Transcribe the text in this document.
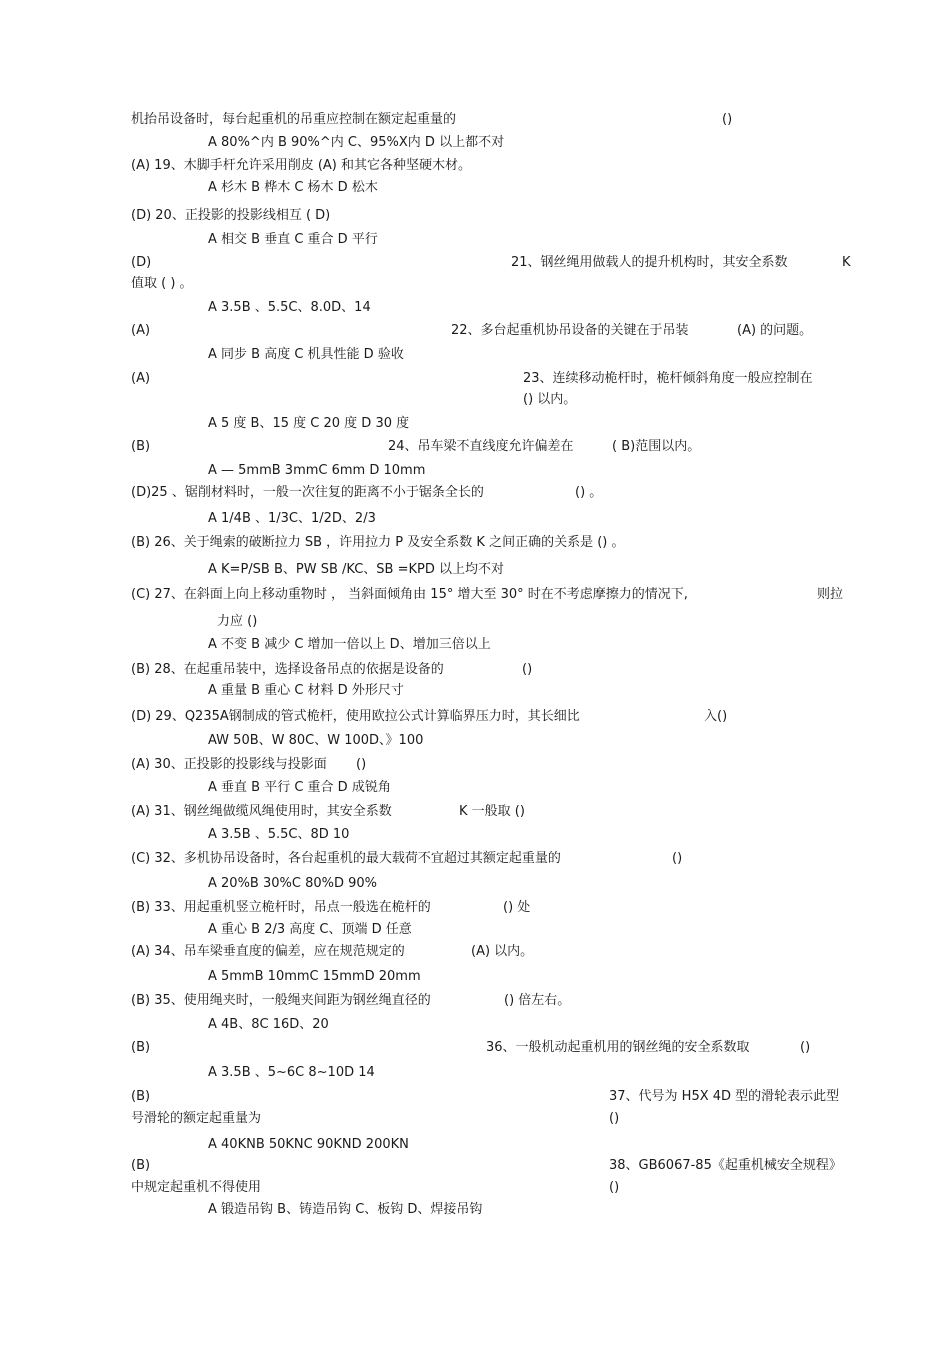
机抬吊设备时，每台起重机的吊重应控制在额定起重量的	()
A 80%^内 B 90%^内 C、95%X内 D 以上都不对
(A) 19、木脚手杆允许采用削皮 (A) 和其它各种坚硬木材。
A 杉木 B 桦木 C 杨木 D 松木
(D) 20、正投影的投影线相互 ( D)
A 相交 B 垂直 C 重合 D 平行
(D)	21、钢丝绳用做载人的提升机构时，其安全系数	K
值取 ( ) 。
A 3.5B 、5.5C、8.0D、14
(A)	22、多台起重机协吊设备的关键在于吊装	(A) 的问题。
A 同步 B 高度 C 机具性能 D 验收
(A)	23、连续移动桅杆时，桅杆倾斜角度一般应控制在
() 以内。
A 5 度 B、15 度 C 20 度 D 30 度
(B)	24、吊车梁不直线度允许偏差在	( B)范围以内。
A — 5mmB 3mmC 6mm D 10mm
(D)25 、锯削材料时，一般一次往复的距离不小于锯条全长的	() 。
A 1/4B 、1/3C、1/2D、2/3
(B) 26、关于绳索的破断拉力 SB ，许用拉力 P 及安全系数 K 之间正确的关系是 () 。
A K=P/SB B、PW SB /KC、SB =KPD 以上均不对
(C) 27、在斜面上向上移动重物时 ， 当斜面倾角由 15° 增大至 30° 时在不考虑摩擦力的情况下,	则拉
力应 ()
A 不变 B 减少 C 增加一倍以上 D、增加三倍以上
(B) 28、在起重吊装中，选择设备吊点的依据是设备的	()
A 重量 B 重心 C 材料 D 外形尺寸
(D) 29、Q235A钢制成的管式桅杆，使用欧拉公式计算临界压力时，其长细比	入()
AW 50B、W 80C、W 100D、》100
(A) 30、正投影的投影线与投影面 ()
A 垂直 B 平行 C 重合 D 成锐角
(A) 31、钢丝绳做缆风绳使用时，其安全系数	K 一般取 ()
A 3.5B 、5.5C、8D 10
(C) 32、多机协吊设备时，各台起重机的最大载荷不宜超过其额定起重量的	()
A 20%B 30%C 80%D 90%
(B) 33、用起重机竖立桅杆时，吊点一般选在桅杆的	() 处
A 重心 B 2/3 高度 C、顶端 D 任意
(A) 34、吊车梁垂直度的偏差，应在规范规定的	(A) 以内。
A 5mmB 10mmC 15mmD 20mm
(B) 35、使用绳夹时，一般绳夹间距为钢丝绳直径的	() 倍左右。
A 4B、8C 16D、20
(B)	36、一般机动起重机用的钢丝绳的安全系数取	()
A 3.5B 、5~6C 8~10D 14
(B)	37、代号为 H5X 4D 型的滑轮表示此型
号滑轮的额定起重量为	()
A 40KNB 50KNC 90KND 200KN
(B)	38、GB6067-85《起重机械安全规程》
中规定起重机不得使用	()
A 锻造吊钩 B、铸造吊钩 C、板钩 D、焊接吊钩
